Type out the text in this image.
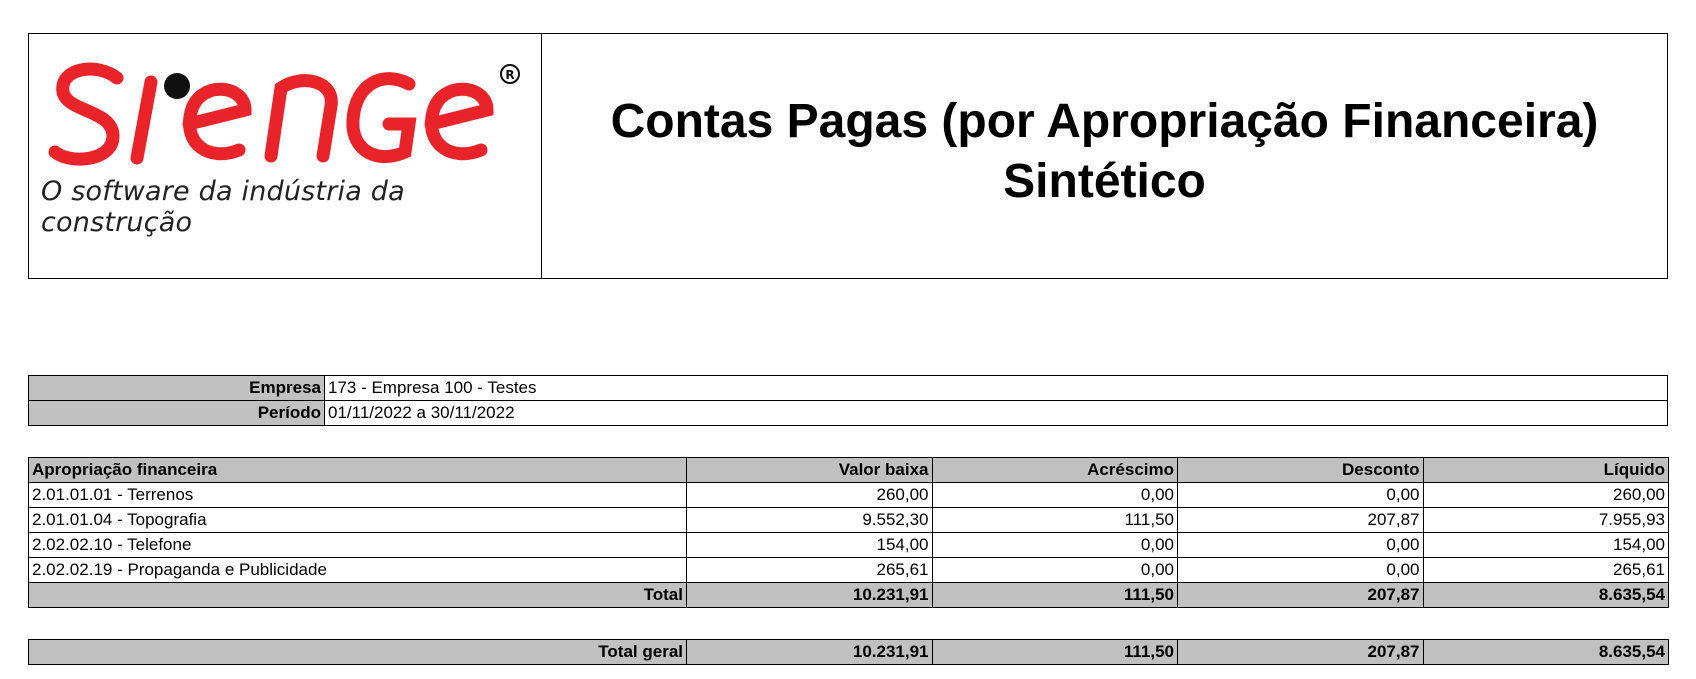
R
O software da indústria da construção
Contas Pagas (por Apropriação Financeira)
Sintético
Empresa	173 - Empresa 100 - Testes
Período	01/11/2022 a 30/11/2022
Apropriação financeira	Valor baixa	Acréscimo	Desconto	Líquido
2.01.01.01 - Terrenos	260,00	0,00	0,00	260,00
2.01.01.04 - Topografia	9.552,30	111,50	207,87	7.955,93
2.02.02.10 - Telefone	154,00	0,00	0,00	154,00
2.02.02.19 - Propaganda e Publicidade	265,61	0,00	0,00	265,61
Total	10.231,91	111,50	207,87	8.635,54
Total geral	10.231,91	111,50	207,87	8.635,54
